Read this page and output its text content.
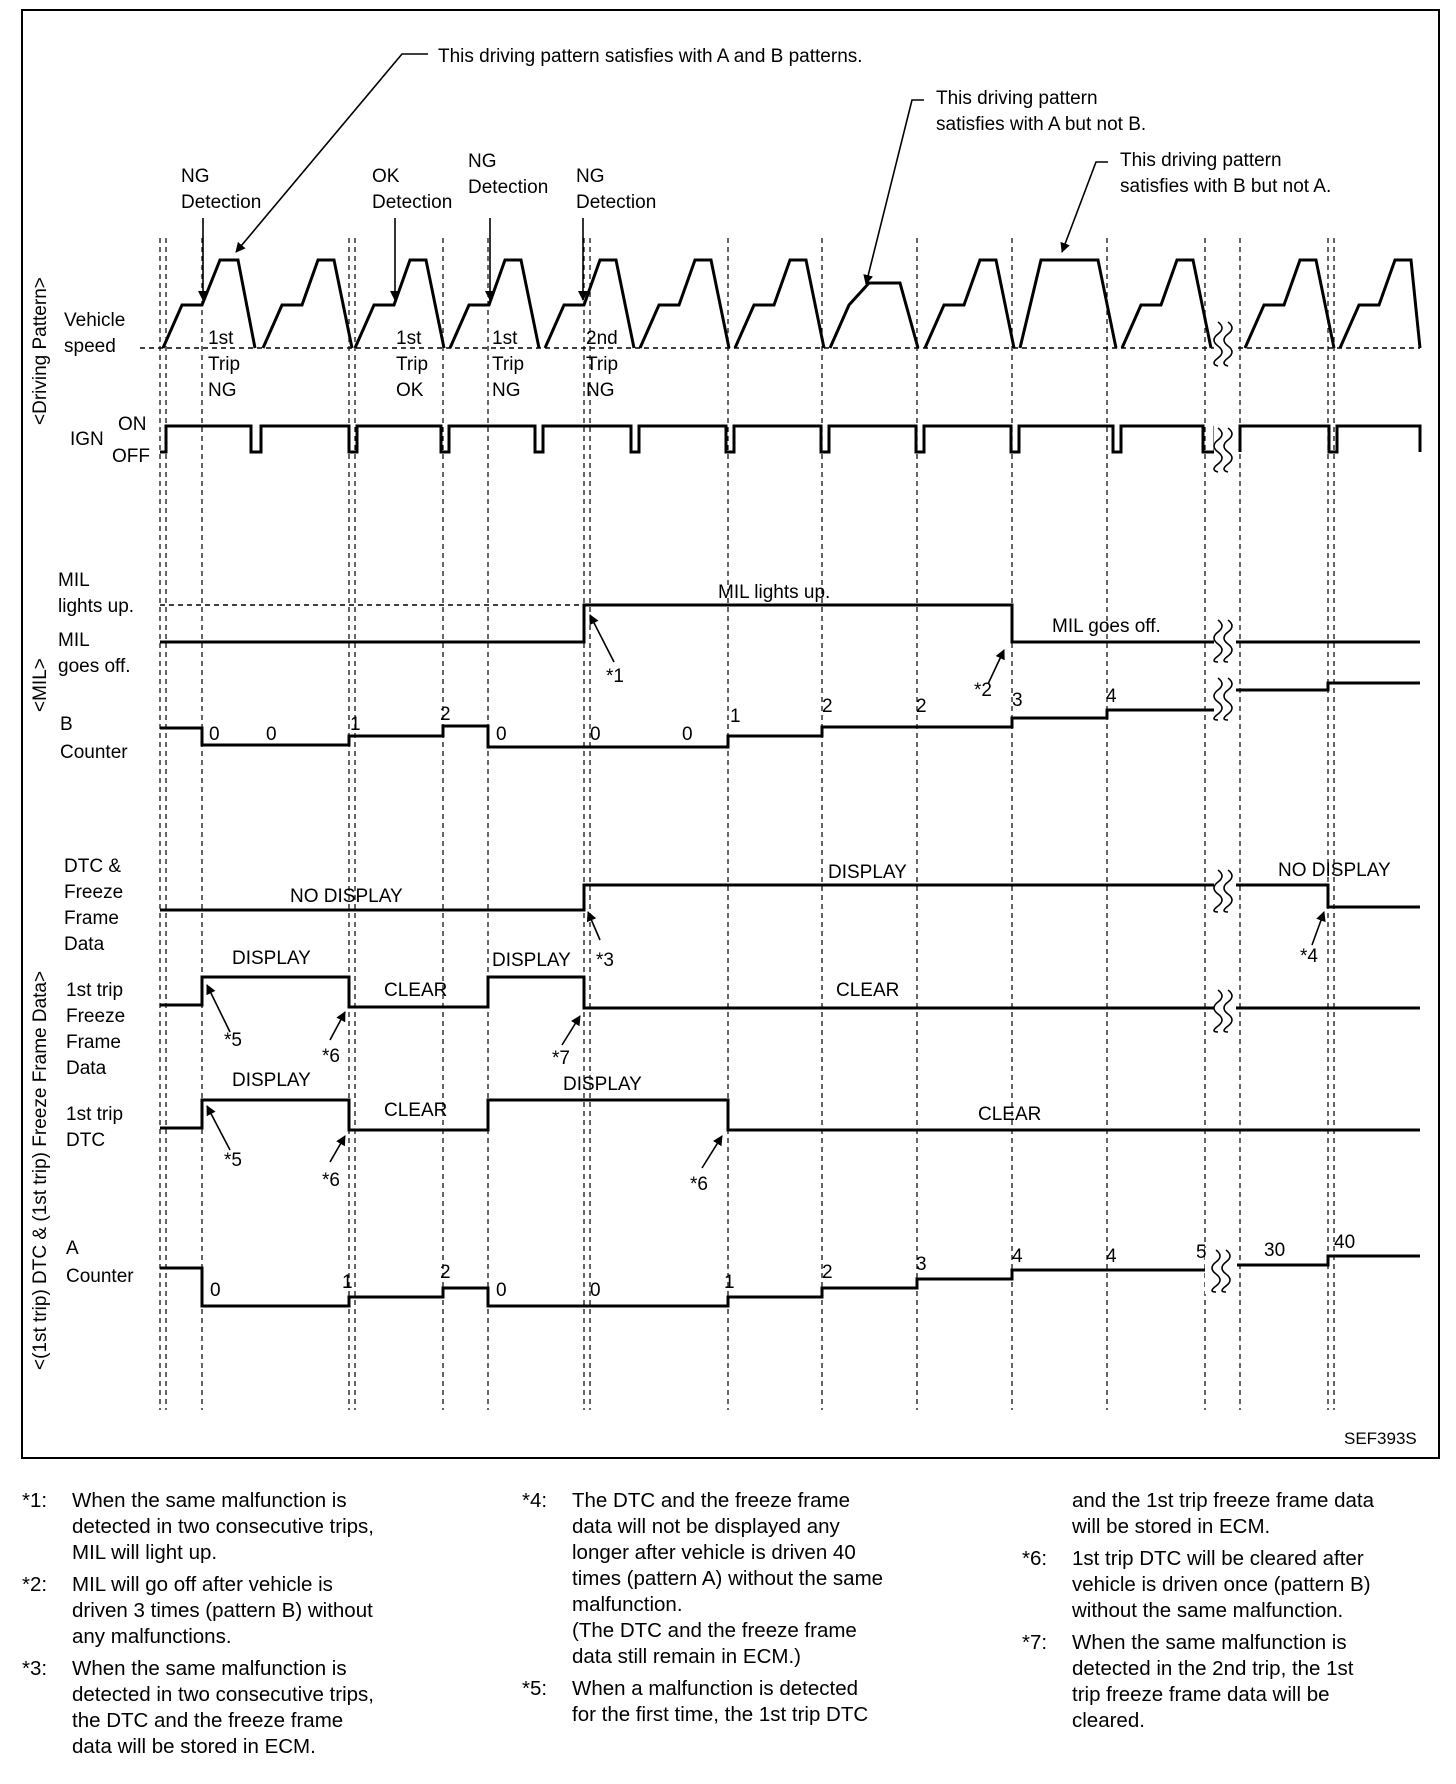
<Driving Pattern>
<MIL>
<(1st trip) DTC & (1st trip) Freeze Frame Data>
This driving pattern satisfies with A and B patterns.
This driving pattern
satisfies with A but not B.
This driving pattern
satisfies with B but not A.
NG
Detection
OK
Detection
NG
Detection
NG
Detection
1st
Trip
NG
1st
Trip
OK
1st
Trip
NG
2nd
Trip
NG
Vehicle
speed
IGN
ON
OFF
MIL
lights up.
MIL
goes off.
B
Counter
DTC &
Freeze
Frame
Data
1st trip
Freeze
Frame
Data
1st trip
DTC
A
Counter
MIL lights up.
MIL goes off.
NO DISPLAY
DISPLAY	NO DISPLAY
DISPLAY
CLEAR
DISPLAY
CLEAR
DISPLAY
CLEAR
DISPLAY
CLEAR
0 0	1	2
0	0	0
1	2	2	3	4
0	1	2
0	0	1	2	3	4	4	5	30	40
*1
*2
*3	*4
*5
*6
*6
*7
*5
*6
SEF393S
*1:	When the same malfunction is
detected in two consecutive trips,
MIL will light up.
*2:	MIL will go off after vehicle is
driven 3 times (pattern B) without
any malfunctions.
*3:	When the same malfunction is
detected in two consecutive trips,
the DTC and the freeze frame
data will be stored in ECM.
*4:	The DTC and the freeze frame
data will not be displayed any
longer after vehicle is driven 40
times (pattern A) without the same
malfunction.
(The DTC and the freeze frame
data still remain in ECM.)
*5:	When a malfunction is detected
for the first time, the 1st trip DTC
and the 1st trip freeze frame data
will be stored in ECM.
*6:	1st trip DTC will be cleared after
vehicle is driven once (pattern B)
without the same malfunction.
*7:	When the same malfunction is
detected in the 2nd trip, the 1st
trip freeze frame data will be
cleared.
